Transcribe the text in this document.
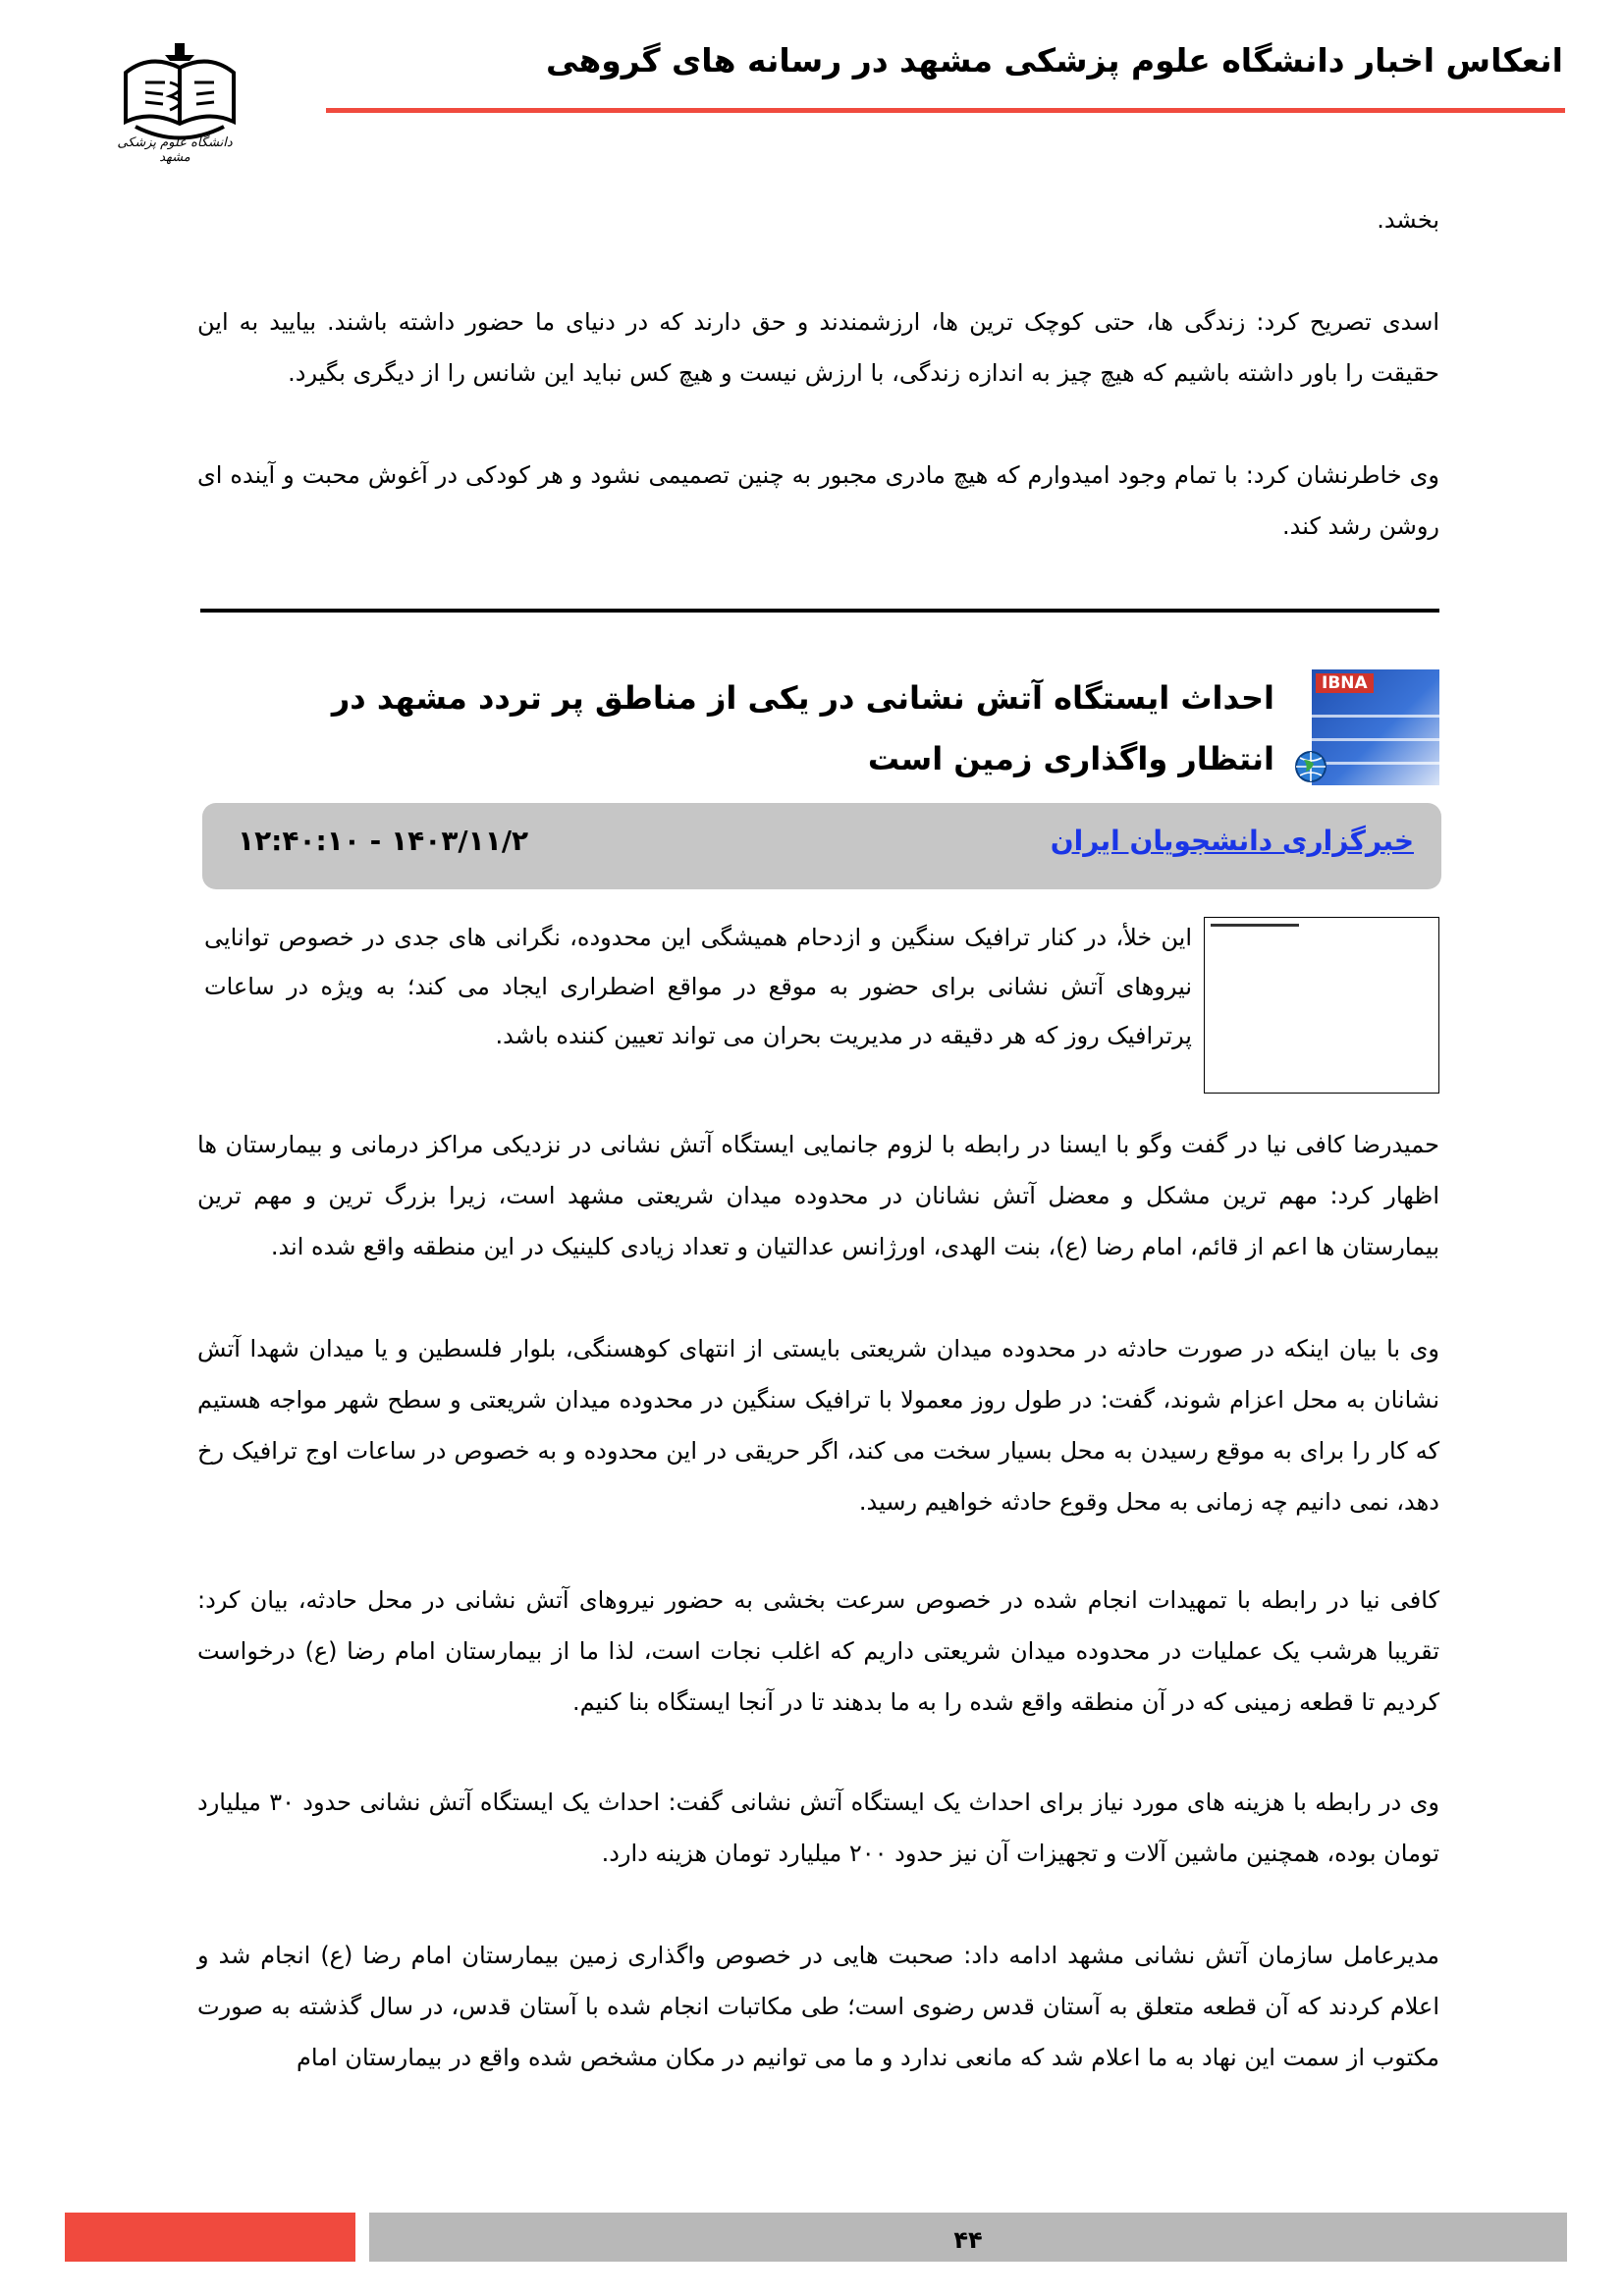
انعکاس اخبار دانشگاه علوم پزشکی مشهد در رسانه های گروهی
دانشگاه علوم پزشکی مشهد
بخشد.
اسدی تصریح کرد: زندگی ها، حتی کوچک ترین ها، ارزشمندند و حق دارند که در دنیای ما حضور داشته باشند. بیایید به این حقیقت را باور داشته باشیم که هیچ چیز به اندازه زندگی، با ارزش نیست و هیچ کس نباید این شانس را از دیگری بگیرد.
وی خاطرنشان کرد: با تمام وجود امیدوارم که هیچ مادری مجبور به چنین تصمیمی نشود و هر کودکی در آغوش محبت و آینده ای روشن رشد کند.
IBNA
احداث ایستگاه آتش نشانی در یکی از مناطق پر تردد مشهد در انتظار واگذاری زمین است
خبرگزاری دانشجویان ایران
۱۴۰۳/۱۱/۲ - ۱۲:۴۰:۱۰
این خلأ، در کنار ترافیک سنگین و ازدحام همیشگی این محدوده، نگرانی های جدی در خصوص توانایی نیروهای آتش نشانی برای حضور به موقع در مواقع اضطراری ایجاد می کند؛ به ویژه در ساعات پرترافیک روز که هر دقیقه در مدیریت بحران می تواند تعیین کننده باشد.
حمیدرضا کافی نیا در گفت وگو با ایسنا در رابطه با لزوم جانمایی ایستگاه آتش نشانی در نزدیکی مراکز درمانی و بیمارستان ها اظهار کرد: مهم ترین مشکل و معضل آتش نشانان در محدوده میدان شریعتی مشهد است، زیرا بزرگ ترین و مهم ترین بیمارستان ها اعم از قائم، امام رضا (ع)، بنت الهدی، اورژانس عدالتیان و تعداد زیادی کلینیک در این منطقه واقع شده اند.
وی با بیان اینکه در صورت حادثه در محدوده میدان شریعتی بایستی از انتهای کوهسنگی، بلوار فلسطین و یا میدان شهدا آتش نشانان به محل اعزام شوند، گفت: در طول روز معمولا با ترافیک سنگین در محدوده میدان شریعتی و سطح شهر مواجه هستیم که کار را برای به موقع رسیدن به محل بسیار سخت می کند، اگر حریقی در این محدوده و به خصوص در ساعات اوج ترافیک رخ دهد، نمی دانیم چه زمانی به محل وقوع حادثه خواهیم رسید.
کافی نیا در رابطه با تمهیدات انجام شده در خصوص سرعت بخشی به حضور نیروهای آتش نشانی در محل حادثه، بیان کرد: تقریبا هرشب یک عملیات در محدوده میدان شریعتی داریم که اغلب نجات است، لذا ما از بیمارستان امام رضا (ع) درخواست کردیم تا قطعه زمینی که در آن منطقه واقع شده را به ما بدهند تا در آنجا ایستگاه بنا کنیم.
وی در رابطه با هزینه های مورد نیاز برای احداث یک ایستگاه آتش نشانی گفت: احداث یک ایستگاه آتش نشانی حدود ۳۰ میلیارد تومان بوده، همچنین ماشین آلات و تجهیزات آن نیز حدود ۲۰۰ میلیارد تومان هزینه دارد.
مدیرعامل سازمان آتش نشانی مشهد ادامه داد: صحبت هایی در خصوص واگذاری زمین بیمارستان امام رضا (ع) انجام شد و اعلام کردند که آن قطعه متعلق به آستان قدس رضوی است؛ طی مکاتبات انجام شده با آستان قدس، در سال گذشته به صورت مکتوب از سمت این نهاد به ما اعلام شد که مانعی ندارد و ما می توانیم در مکان مشخص شده واقع در بیمارستان امام
۴۴
